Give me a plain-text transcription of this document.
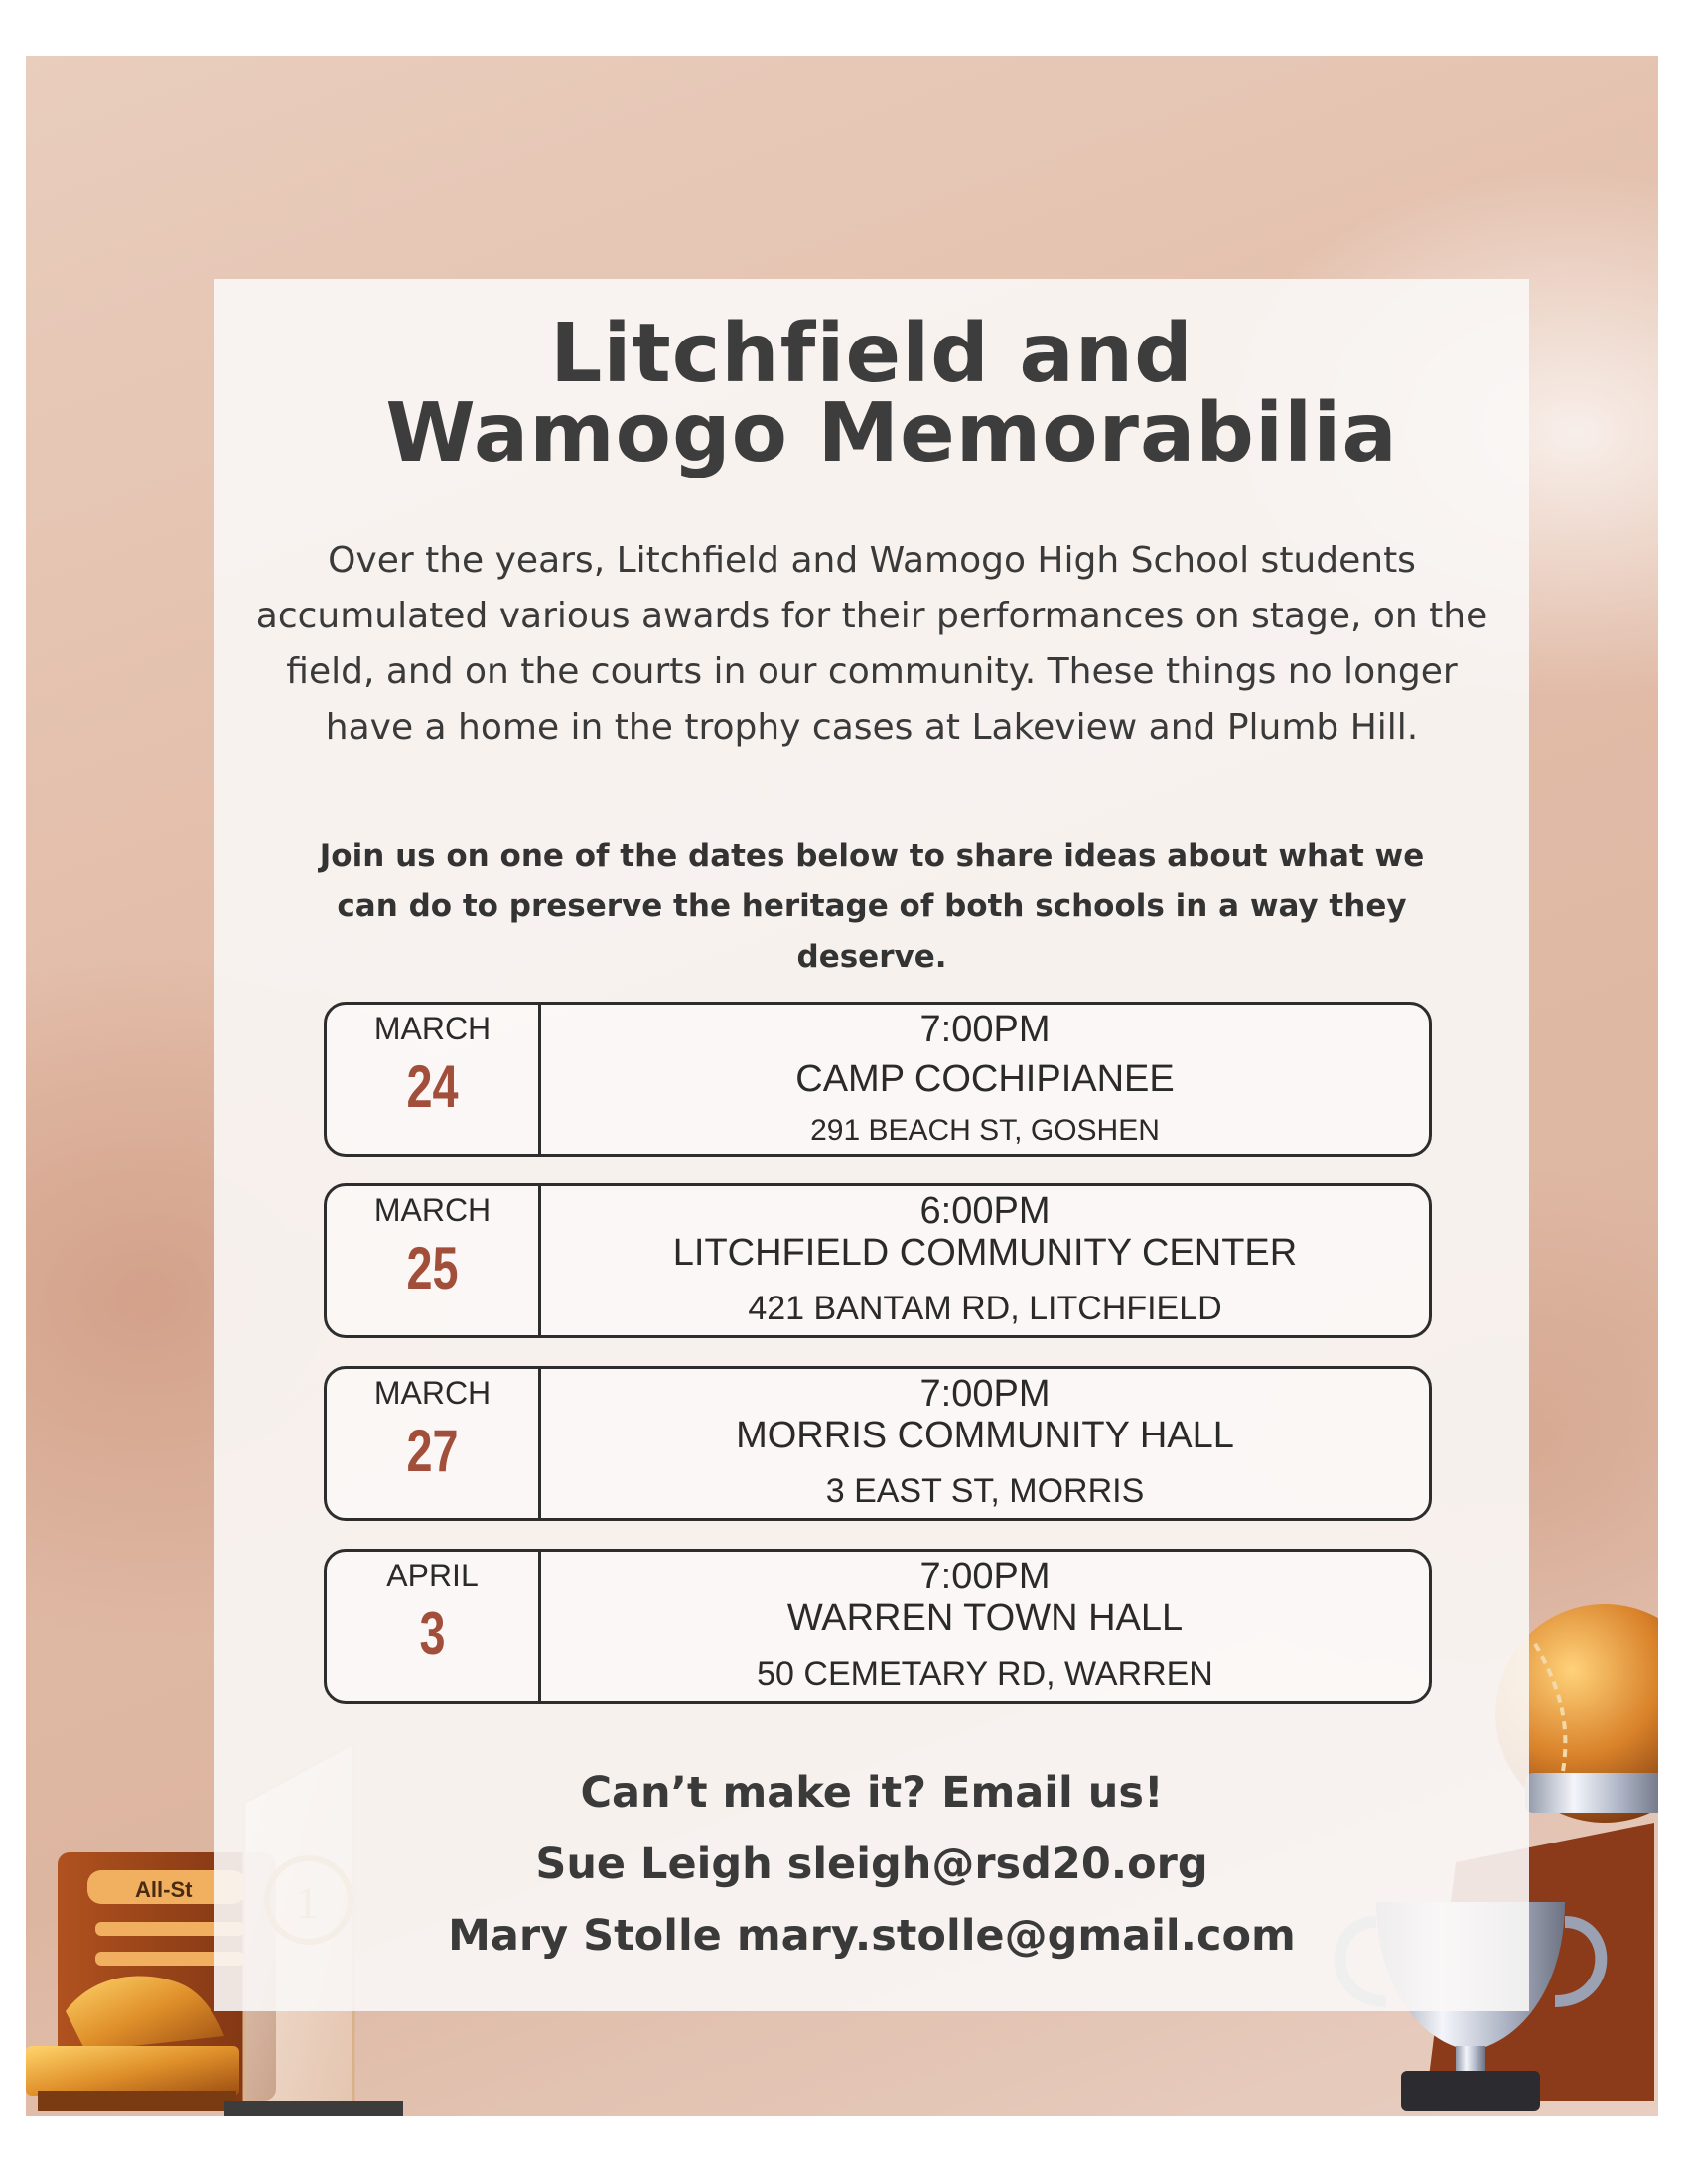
All-St
Litchfield and
Wamogo Memorabilia

Over the years, Litchfield and Wamogo High School students accumulated various awards for their performances on stage, on the field, and on the courts in our community. These things no longer have a home in the trophy cases at Lakeview and Plumb Hill.

Join us on one of the dates below to share ideas about what we can do to preserve the heritage of both schools in a way they deserve.

MARCH
24
7:00PM
CAMP COCHIPIANEE
291 BEACH ST, GOSHEN
MARCH
25
6:00PM
LITCHFIELD COMMUNITY CENTER
421 BANTAM RD, LITCHFIELD
MARCH
27
7:00PM
MORRIS COMMUNITY HALL
3 EAST ST, MORRIS
APRIL
3
7:00PM
WARREN TOWN HALL
50 CEMETARY RD, WARREN
Can’t make it? Email us!
Sue Leigh sleigh@rsd20.org
Mary Stolle mary.stolle@gmail.com
